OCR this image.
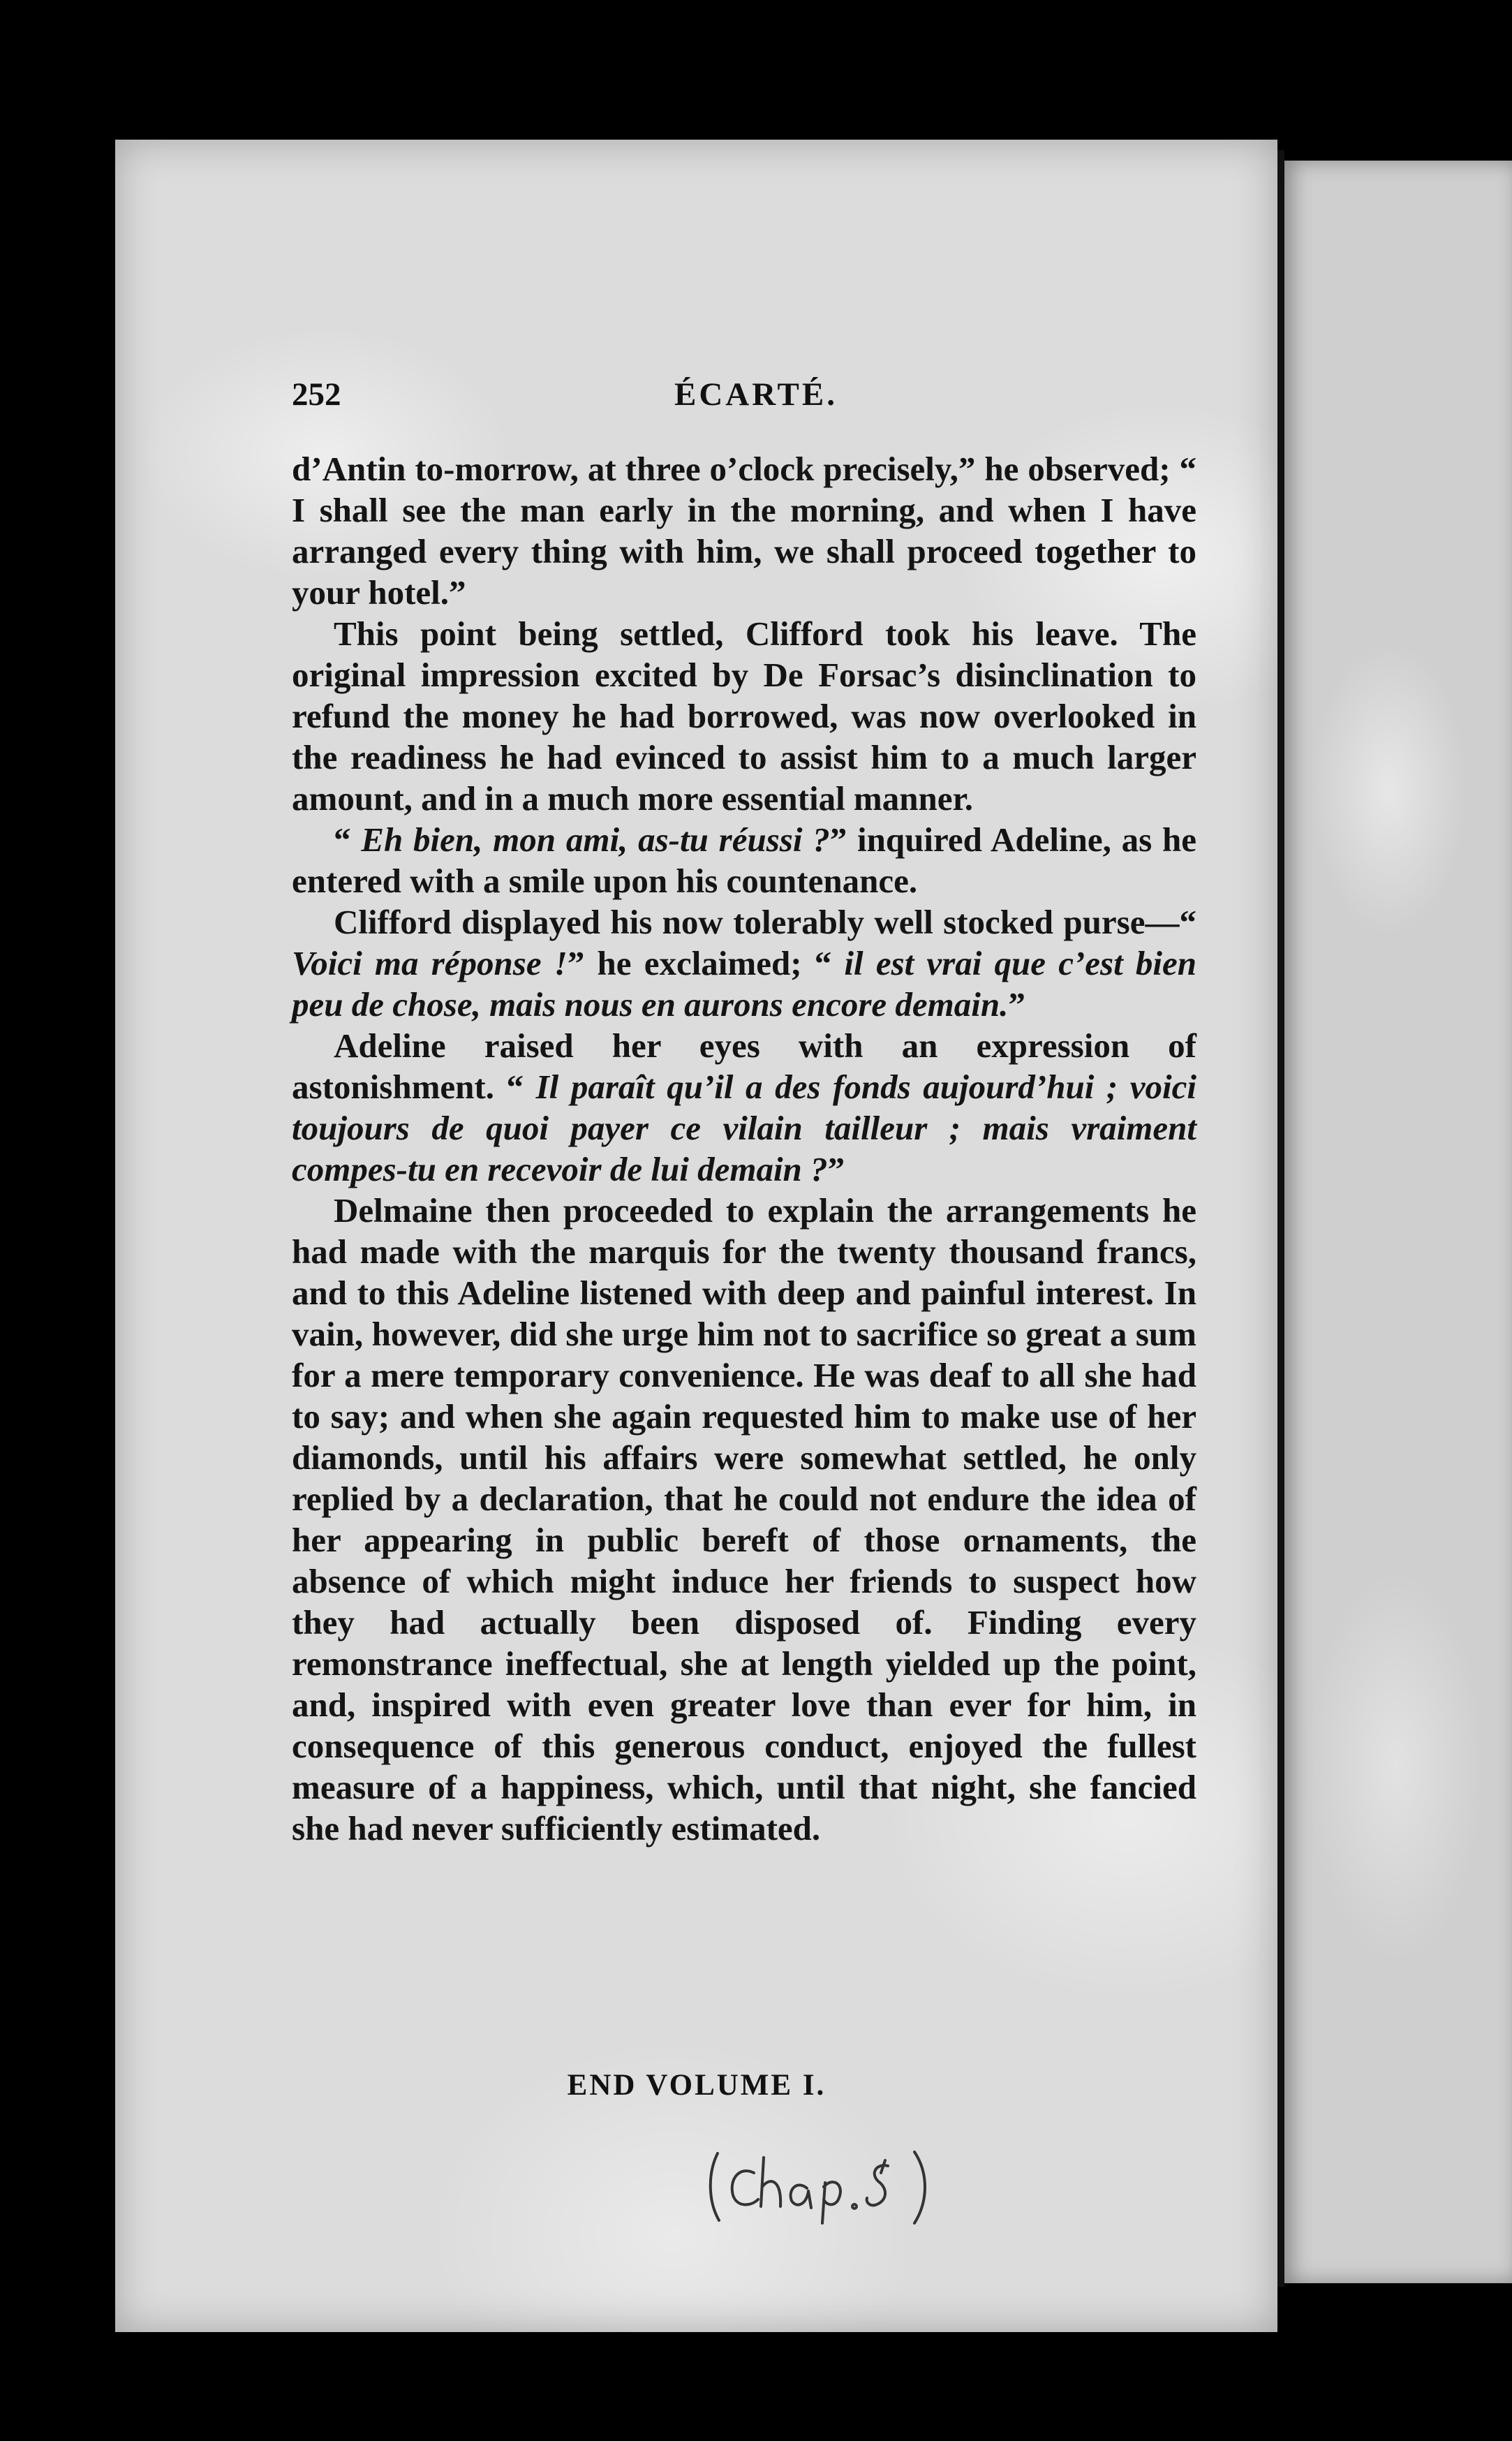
252	ÉCARTÉ.

d’Antin to-morrow, at three o’clock precisely,” he observed; “ I shall see the man early in the morning, and when I have arranged every thing with him, we shall proceed together to your hotel.”

This point being settled, Clifford took his leave. The original impression excited by De Forsac’s disinclination to refund the money he had borrowed, was now overlooked in the readiness he had evinced to assist him to a much larger amount, and in a much more essential manner.

“ Eh bien, mon ami, as-tu réussi ?” inquired Adeline, as he entered with a smile upon his countenance.

Clifford displayed his now tolerably well stocked purse—“ Voici ma réponse !” he exclaimed; “ il est vrai que c’est bien peu de chose, mais nous en aurons encore demain.”

Adeline raised her eyes with an expression of astonishment. “ Il paraît qu’il a des fonds aujourd’hui ; voici toujours de quoi payer ce vilain tailleur ; mais vraiment compes-tu en recevoir de lui demain ?”

Delmaine then proceeded to explain the arrangements he had made with the marquis for the twenty thousand francs, and to this Adeline listened with deep and painful interest. In vain, however, did she urge him not to sacrifice so great a sum for a mere temporary convenience. He was deaf to all she had to say; and when she again requested him to make use of her diamonds, until his affairs were somewhat settled, he only replied by a declaration, that he could not endure the idea of her appearing in public bereft of those ornaments, the absence of which might induce her friends to suspect how they had actually been disposed of. Finding every remonstrance ineffectual, she at length yielded up the point, and, inspired with even greater love than ever for him, in consequence of this generous conduct, enjoyed the fullest measure of a happiness, which, until that night, she fancied she had never sufficiently estimated.

END VOLUME I.
